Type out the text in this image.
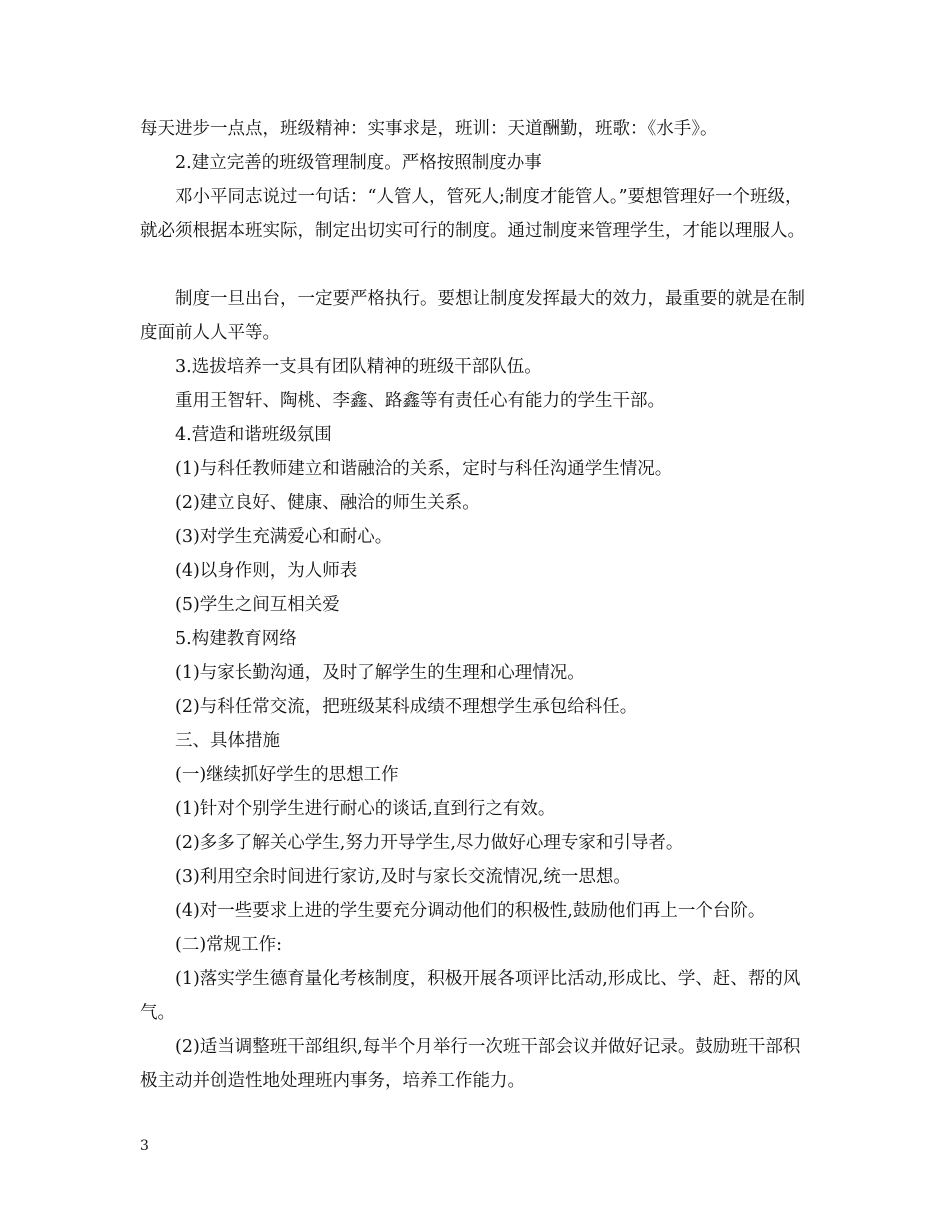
每天进步一点点，班级精神：实事求是，班训：天道酬勤，班歌：《水手》。

2.建立完善的班级管理制度。严格按照制度办事

邓小平同志说过一句话：“人管人，管死人;制度才能管人。”要想管理好一个班级，就必须根据本班实际，制定出切实可行的制度。通过制度来管理学生，才能以理服人。

制度一旦出台，一定要严格执行。要想让制度发挥最大的效力，最重要的就是在制度面前人人平等。

3.选拔培养一支具有团队精神的班级干部队伍。

重用王智轩、陶桃、李鑫、路鑫等有责任心有能力的学生干部。

4.营造和谐班级氛围

(1)与科任教师建立和谐融洽的关系，定时与科任沟通学生情况。

(2)建立良好、健康、融洽的师生关系。

(3)对学生充满爱心和耐心。

(4)以身作则，为人师表

(5)学生之间互相关爱

5.构建教育网络

(1)与家长勤沟通，及时了解学生的生理和心理情况。

(2)与科任常交流，把班级某科成绩不理想学生承包给科任。

三、具体措施

(一)继续抓好学生的思想工作

(1)针对个别学生进行耐心的谈话,直到行之有效。

(2)多多了解关心学生,努力开导学生,尽力做好心理专家和引导者。

(3)利用空余时间进行家访,及时与家长交流情况,统一思想。

(4)对一些要求上进的学生要充分调动他们的积极性,鼓励他们再上一个台阶。

(二)常规工作:

(1)落实学生德育量化考核制度，积极开展各项评比活动,形成比、学、赶、帮的风气。

(2)适当调整班干部组织,每半个月举行一次班干部会议并做好记录。鼓励班干部积极主动并创造性地处理班内事务，培养工作能力。

3
